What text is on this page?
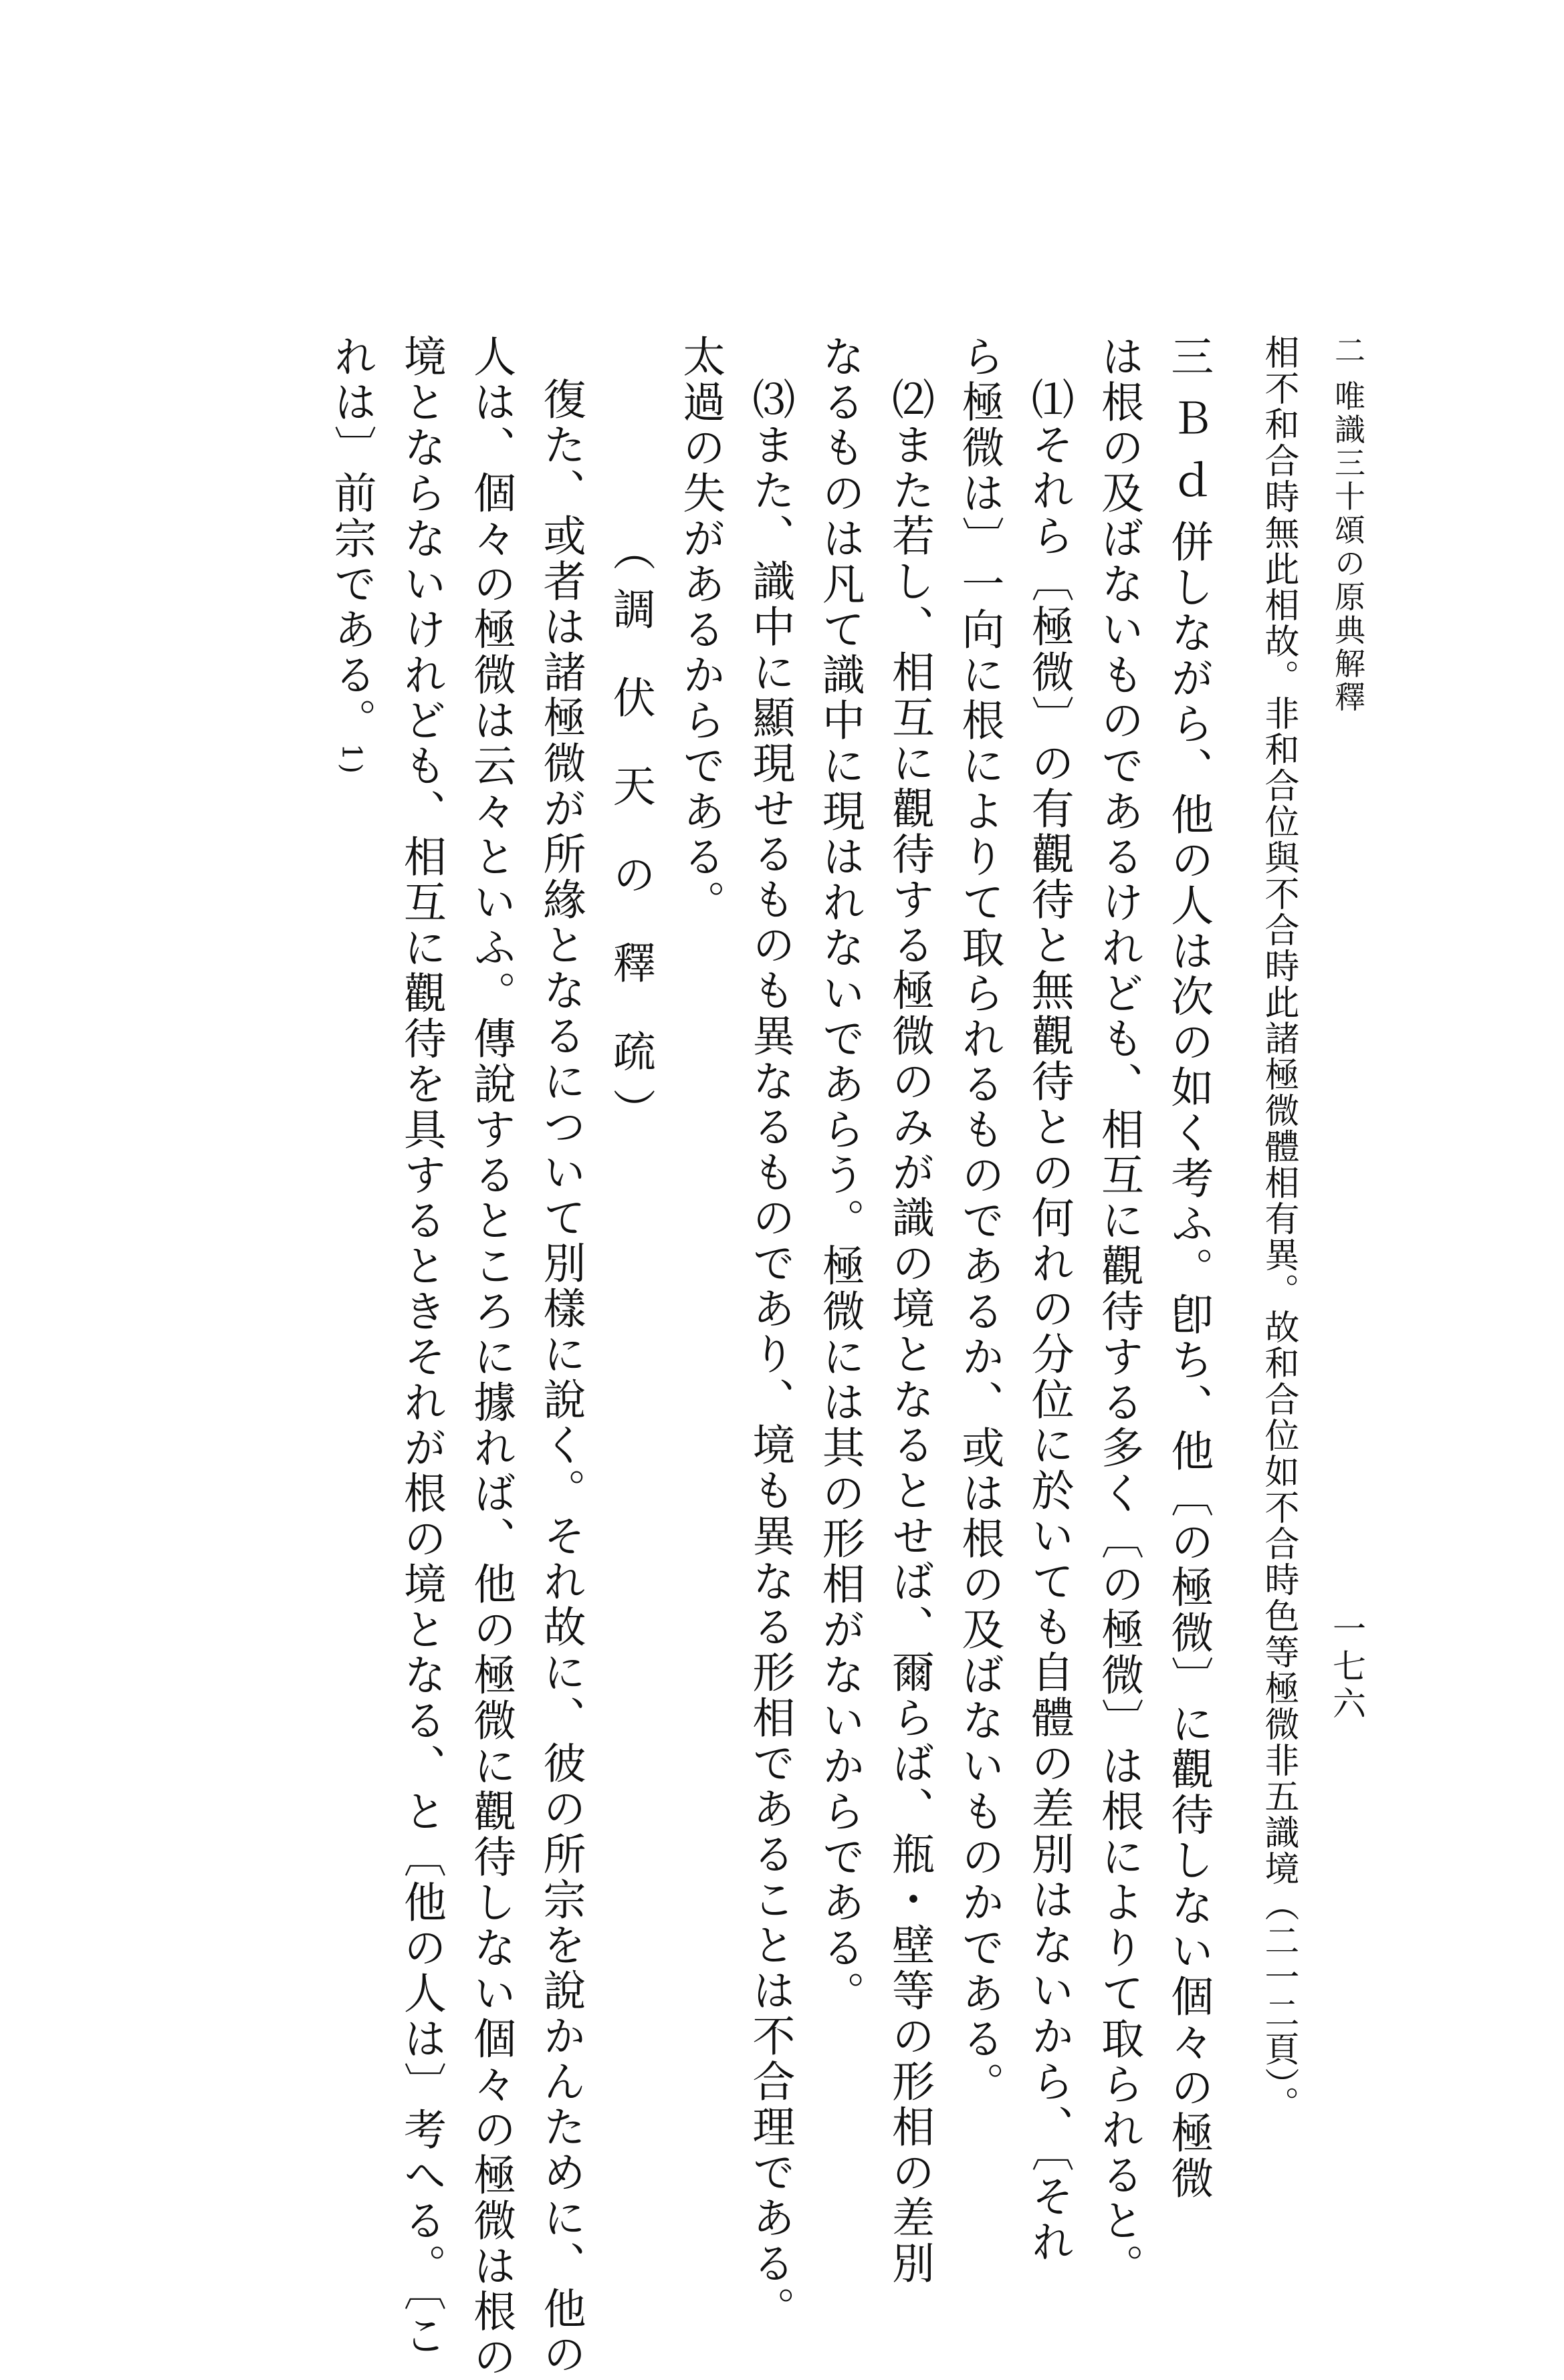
二 唯識三十頌の原典解釋
一七六
相不和合時無此相故。非和合位與不合時此諸極微體相有異。故和合位如不合時色等極微非五識境（二一二頁）。
三 Ｂ ｄ 併しながら、他の人は次の如く考ふ。卽ち、他〔の極微〕に觀待しない個々の極微
は根の及ばないものであるけれども、相互に觀待する多く〔の極微〕は根によりて取られると。
⑴それら〔極微〕の有觀待と無觀待との何れの分位に於いても自體の差別はないから、〔それ
ら極微は〕一向に根によりて取られるものであるか、或は根の及ばないものかである。
⑵また若し、相互に觀待する極微のみが識の境となるとせば、爾らば、瓶・壁等の形相の差別
なるものは凡て識中に現はれないであらう。極微には其の形相がないからである。
⑶また、識中に顯現せるものも異なるものであり、境も異なる形相であることは不合理である。
太過の失があるからである。
（調 伏 天 の 釋 疏）
復た、或者は諸極微が所緣となるについて別樣に說く。それ故に、彼の所宗を說かんために、他の
人は、個々の極微は云々といふ。傳說するところに據れば、他の極微に觀待しない個々の極微は根の
境とならないけれども、相互に觀待を具するときそれが根の境となる、と〔他の人は〕考へる。〔こ
れは〕前宗である。1)
